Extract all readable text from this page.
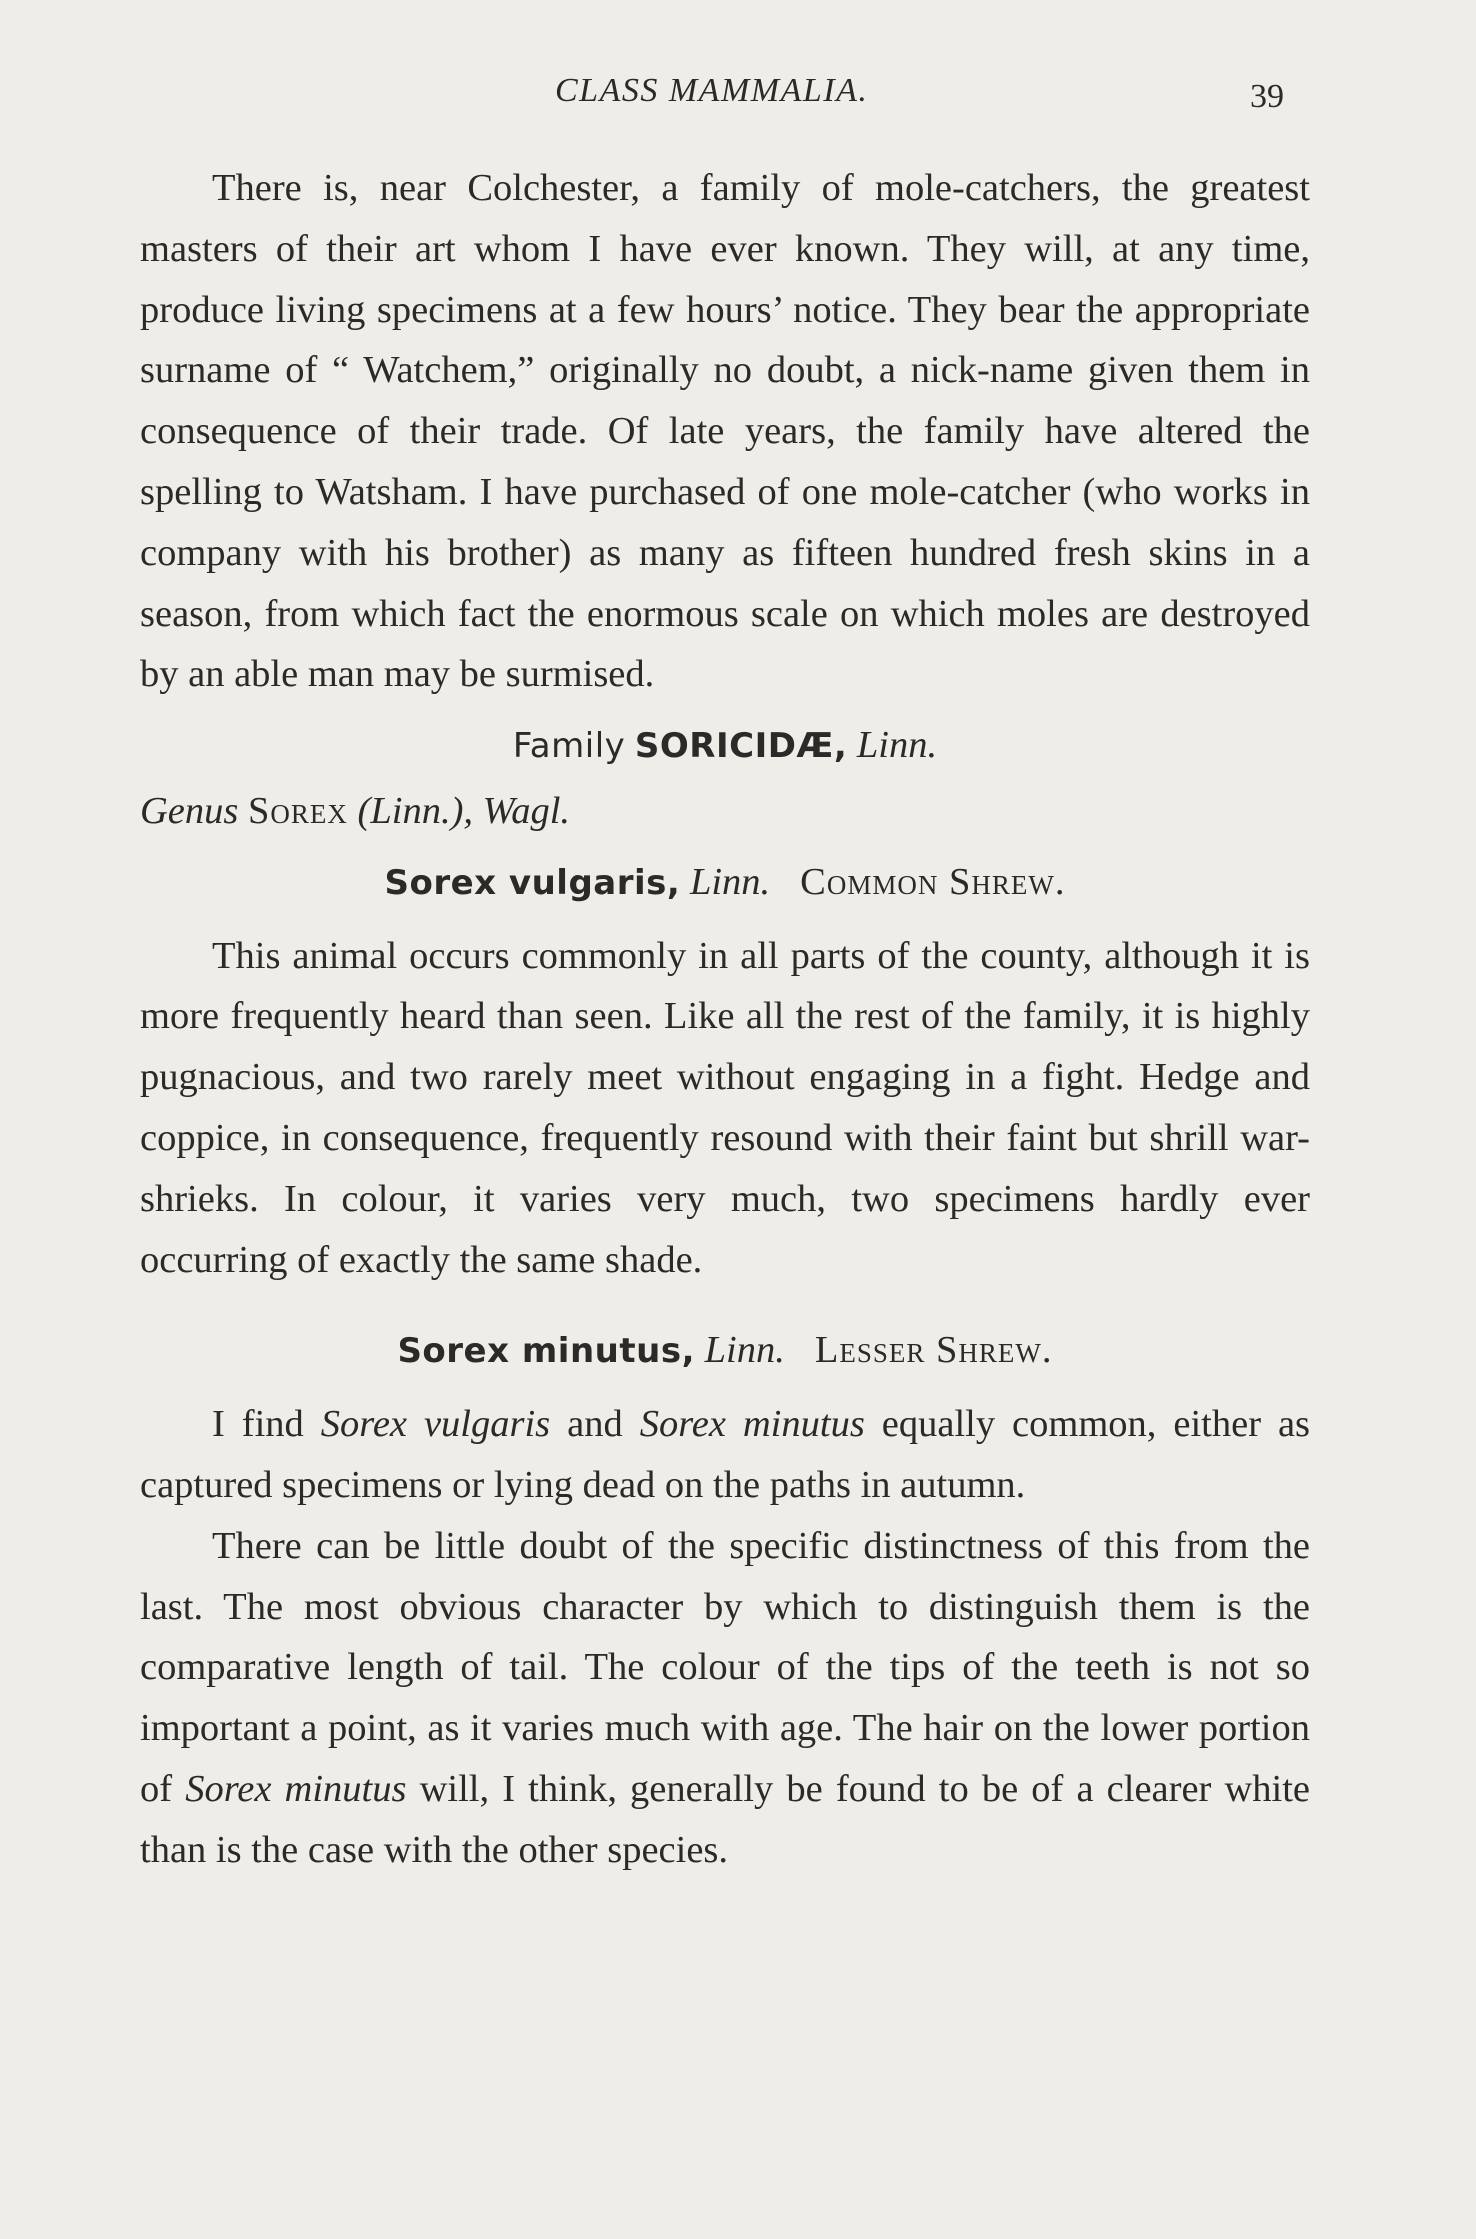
CLASS MAMMALIA.	39

There is, near Colchester, a family of mole-catchers, the greatest masters of their art whom I have ever known. They will, at any time, produce living specimens at a few hours’ notice. They bear the appropriate surname of “ Watchem,” originally no doubt, a nick-name given them in consequence of their trade. Of late years, the family have altered the spelling to Watsham. I have purchased of one mole-catcher (who works in company with his brother) as many as fifteen hundred fresh skins in a season, from which fact the enormous scale on which moles are destroyed by an able man may be surmised.

Family SORICIDÆ, Linn.

Genus Sorex (Linn.), Wagl.

Sorex vulgaris, Linn. Common Shrew.

This animal occurs commonly in all parts of the county, although it is more frequently heard than seen. Like all the rest of the family, it is highly pugnacious, and two rarely meet without engaging in a fight. Hedge and coppice, in consequence, frequently resound with their faint but shrill war-shrieks. In colour, it varies very much, two specimens hardly ever occurring of exactly the same shade.

Sorex minutus, Linn. Lesser Shrew.

I find Sorex vulgaris and Sorex minutus equally common, either as captured specimens or lying dead on the paths in autumn.

There can be little doubt of the specific distinctness of this from the last. The most obvious character by which to distinguish them is the comparative length of tail. The colour of the tips of the teeth is not so important a point, as it varies much with age. The hair on the lower portion of Sorex minutus will, I think, generally be found to be of a clearer white than is the case with the other species.
